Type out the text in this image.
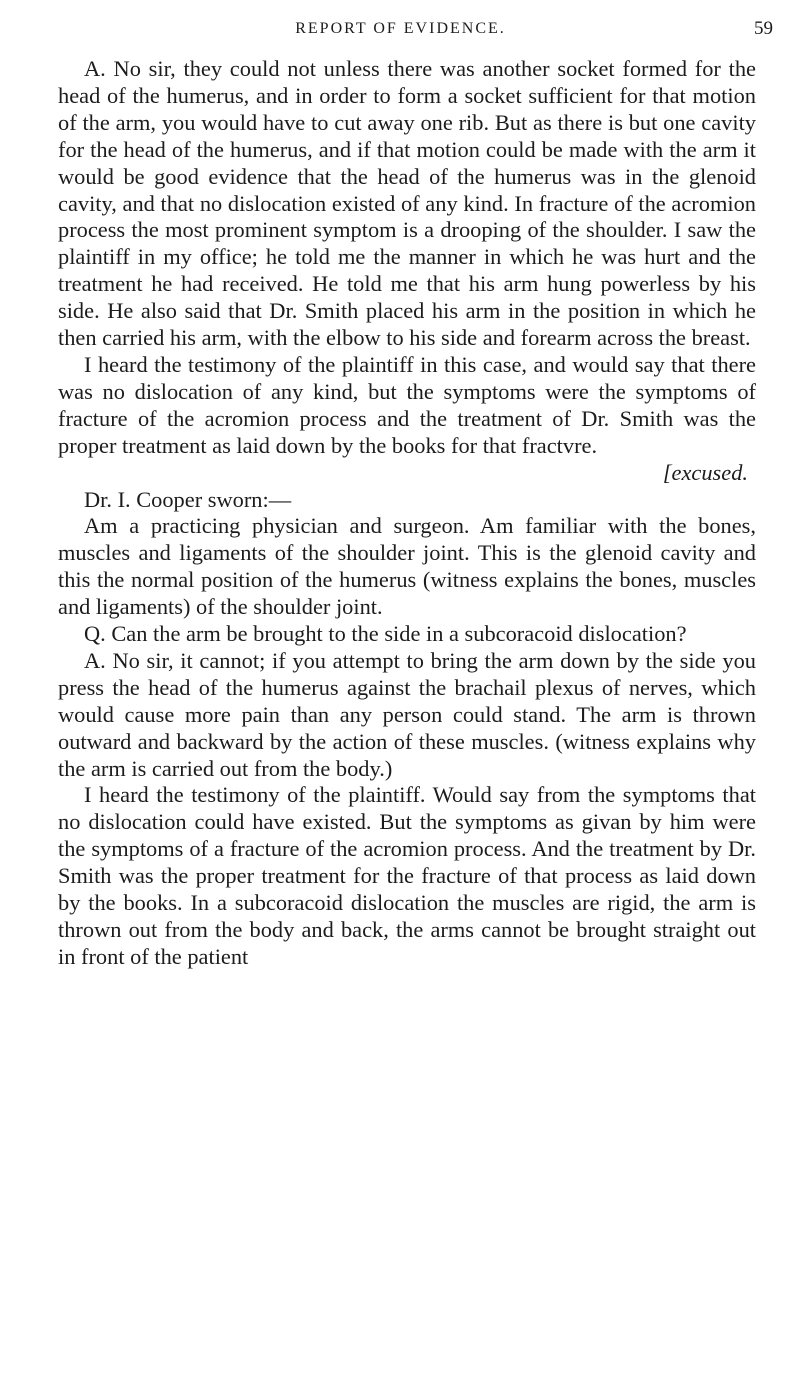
REPORT OF EVIDENCE.	59

A. No sir, they could not unless there was another socket formed for the head of the humerus, and in order to form a socket sufficient for that motion of the arm, you would have to cut away one rib. But as there is but one cavity for the head of the humerus, and if that motion could be made with the arm it would be good evidence that the head of the humerus was in the glenoid cavity, and that no dislocation existed of any kind. In fracture of the acromion process the most prominent symptom is a drooping of the shoulder. I saw the plaintiff in my office; he told me the manner in which he was hurt and the treatment he had received. He told me that his arm hung powerless by his side. He also said that Dr. Smith placed his arm in the position in which he then carried his arm, with the elbow to his side and forearm across the breast.

I heard the testimony of the plaintiff in this case, and would say that there was no dislocation of any kind, but the symptoms were the symptoms of fracture of the acromion process and the treatment of Dr. Smith was the proper treatment as laid down by the books for that fractvre.

[excused.

Dr. I. Cooper sworn:—

Am a practicing physician and surgeon. Am familiar with the bones, muscles and ligaments of the shoulder joint. This is the glenoid cavity and this the normal position of the humerus (witness explains the bones, muscles and ligaments) of the shoulder joint.

Q. Can the arm be brought to the side in a subcoracoid dislocation?

A. No sir, it cannot; if you attempt to bring the arm down by the side you press the head of the humerus against the brachail plexus of nerves, which would cause more pain than any person could stand. The arm is thrown outward and backward by the action of these muscles. (witness explains why the arm is carried out from the body.)

I heard the testimony of the plaintiff. Would say from the symptoms that no dislocation could have existed. But the symptoms as givan by him were the symptoms of a fracture of the acromion process. And the treatment by Dr. Smith was the proper treatment for the fracture of that process as laid down by the books. In a subcoracoid dislocation the muscles are rigid, the arm is thrown out from the body and back, the arms cannot be brought straight out in front of the patient
